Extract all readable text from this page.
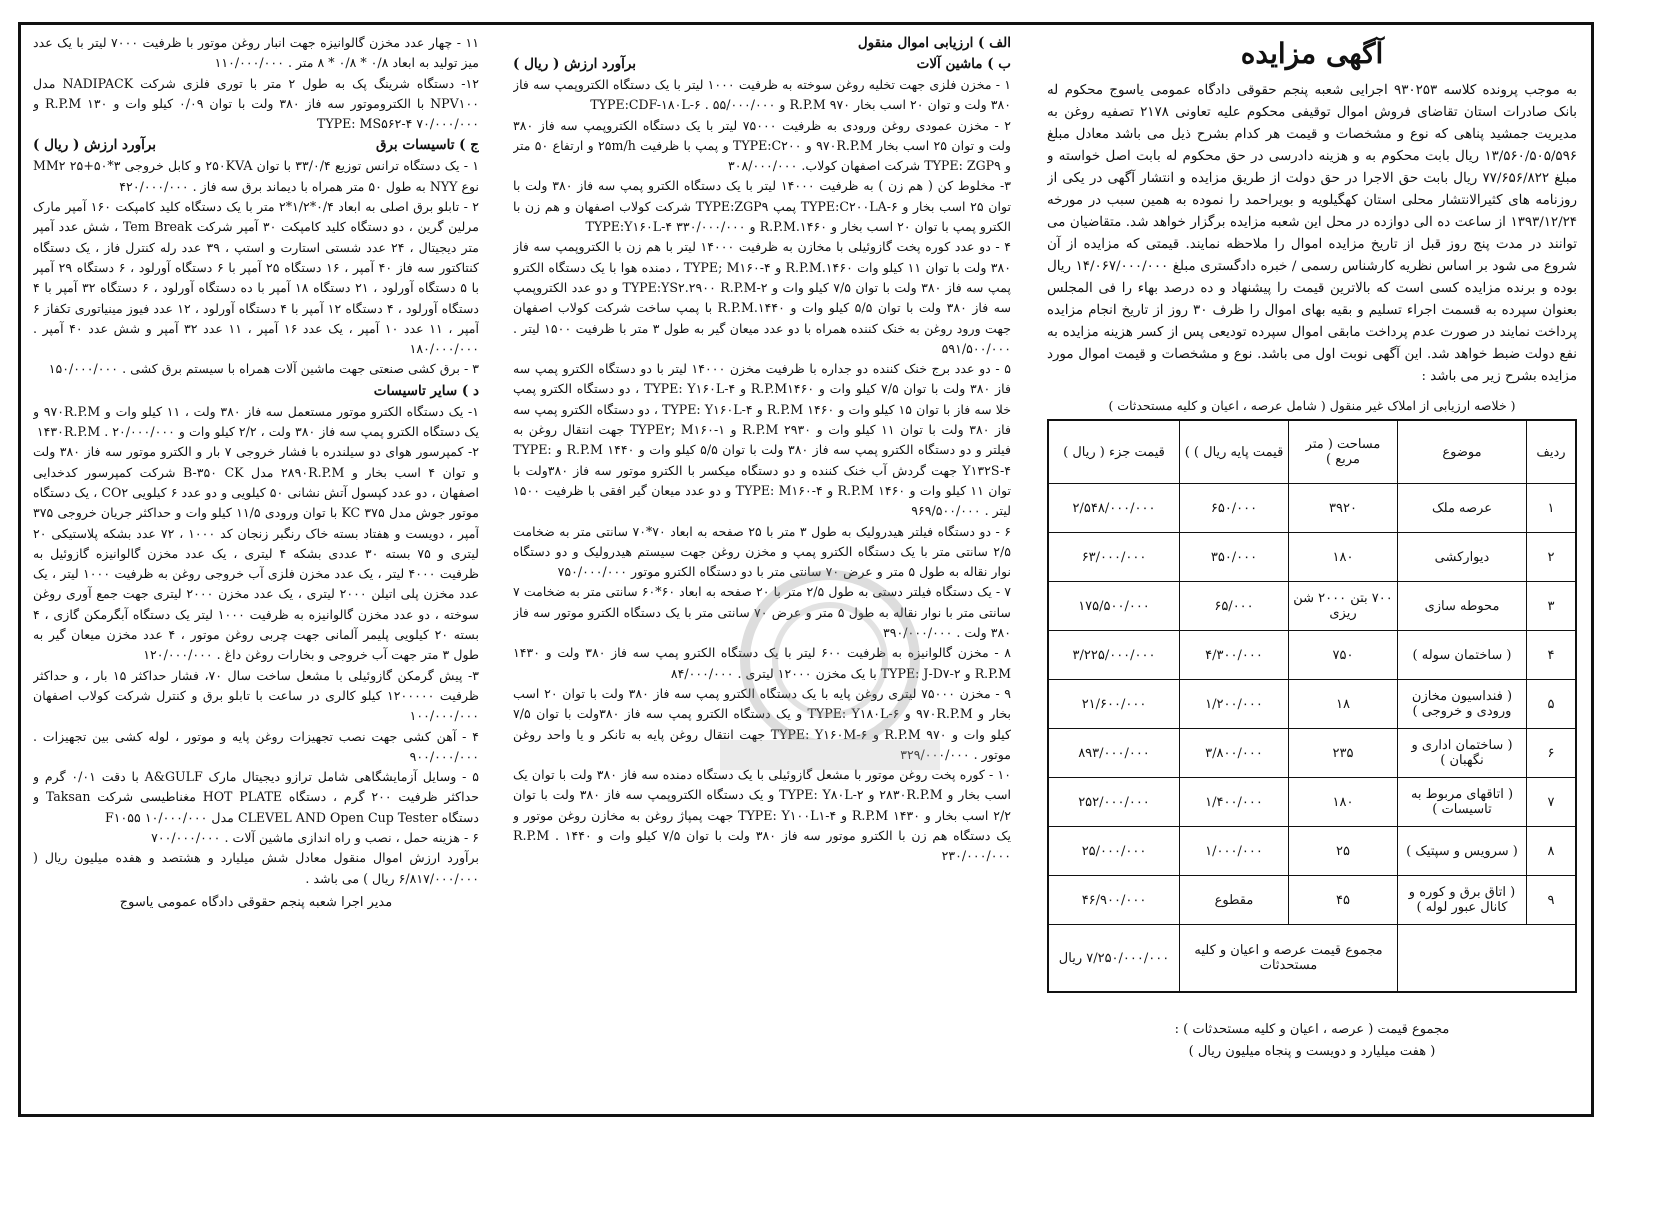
آگهی مزایده
به موجب پرونده کلاسه ۹۳۰۲۵۳ اجرایی شعبه پنجم حقوقی دادگاه عمومی یاسوج محکوم له بانک صادرات استان تقاضای فروش اموال توقیفی محکوم علیه تعاونی ۲۱۷۸ تصفیه روغن به مدیریت جمشید پناهی که نوع و مشخصات و قیمت هر کدام بشرح ذیل می باشد معادل مبلغ ۱۳/۵۶۰/۵۰۵/۵۹۶ ریال بابت محکوم به و هزینه دادرسی در حق محکوم له بابت اصل خواسته و مبلغ ۷۷/۶۵۶/۸۲۲ ریال بابت حق الاجرا در حق دولت از طریق مزایده و انتشار آگهی در یکی از روزنامه های کثیرالانتشار محلی استان کهگیلویه و بویراحمد را نموده به همین سبب در مورخه ۱۳۹۳/۱۲/۲۴ از ساعت ده الی دوازده در محل این شعبه مزایده برگزار خواهد شد. متقاضیان می توانند در مدت پنج روز قبل از تاریخ مزایده اموال را ملاحظه نمایند. قیمتی که مزایده از آن شروع می شود بر اساس نظریه کارشناس رسمی / خبره دادگستری مبلغ ۱۴/۰۶۷/۰۰۰/۰۰۰ ریال بوده و برنده مزایده کسی است که بالاترین قیمت را پیشنهاد و ده درصد بهاء را فی المجلس بعنوان سپرده به قسمت اجراء تسلیم و بقیه بهای اموال را ظرف ۳۰ روز از تاریخ انجام مزایده پرداخت نمایند در صورت عدم پرداخت مابقی اموال سپرده تودیعی پس از کسر هزینه مزایده به نفع دولت ضبط خواهد شد. این آگهی نوبت اول می باشد. نوع و مشخصات و قیمت اموال مورد مزایده بشرح زیر می باشد :
( خلاصه ارزیابی از املاک غیر منقول ( شامل عرصه ، اعیان و کلیه مستحدثات )
ردیف	موضوع	مساحت ( متر مربع )	قیمت پایه ریال ) )	قیمت جزء ( ریال )
۱	عرصه ملک	۳۹۲۰	۶۵۰/۰۰۰	۲/۵۴۸/۰۰۰/۰۰۰
۲	دیوارکشی	۱۸۰	۳۵۰/۰۰۰	۶۳/۰۰۰/۰۰۰
۳	محوطه سازی	۷۰۰ بتن ۲۰۰۰ شن ریزی	۶۵/۰۰۰	۱۷۵/۵۰۰/۰۰۰
۴	( ساختمان سوله )	۷۵۰	۴/۳۰۰/۰۰۰	۳/۲۲۵/۰۰۰/۰۰۰
۵	( فنداسیون مخازن ورودی و خروجی )	۱۸	۱/۲۰۰/۰۰۰	۲۱/۶۰۰/۰۰۰
۶	( ساختمان اداری و نگهبان )	۲۳۵	۳/۸۰۰/۰۰۰	۸۹۳/۰۰۰/۰۰۰
۷	( اتاقهای مربوط به تاسیسات )	۱۸۰	۱/۴۰۰/۰۰۰	۲۵۲/۰۰۰/۰۰۰
۸	( سرویس و سپتیک )	۲۵	۱/۰۰۰/۰۰۰	۲۵/۰۰۰/۰۰۰
۹	( اتاق برق و کوره و کانال عبور لوله )	۴۵	مقطوع	۴۶/۹۰۰/۰۰۰
		مجموع قیمت عرصه و اعیان و کلیه مستحدثات		۷/۲۵۰/۰۰۰/۰۰۰ ریال
مجموع قیمت ( عرصه ، اعیان و کلیه مستحدثات ) :
( هفت میلیارد و دویست و پنجاه میلیون ریال )
الف ) ارزیابی اموال منقول
ب ) ماشین آلات
برآورد ارزش ( ریال )
۱ - مخزن فلزی جهت تخلیه روغن سوخته به ظرفیت ۱۰۰۰ لیتر با یک دستگاه الکتروپمپ سه فاز ۳۸۰ ولت و توان ۲۰ اسب بخار R.P.M ۹۷۰ و TYPE:CDF-۱۸۰L-۶ . ۵۵/۰۰۰/۰۰۰
۲ - مخزن عمودی روغن ورودی به ظرفیت ۷۵۰۰۰ لیتر با یک دستگاه الکتروپمپ سه فاز ۳۸۰ ولت و توان ۲۵ اسب بخار ۹۷۰R.P.M و TYPE:C۲۰۰ و پمپ با ظرفیت ۲۵m/h و ارتفاع ۵۰ متر و TYPE: ZGP۹ شرکت اصفهان کولاب. ۳۰۸/۰۰۰/۰۰۰
۳- مخلوط کن ( هم زن ) به ظرفیت ۱۴۰۰۰ لیتر با یک دستگاه الکترو پمپ سه فاز ۳۸۰ ولت با توان ۲۵ اسب بخار و TYPE:C۲۰۰LA-۶ پمپ TYPE:ZGP۹ شرکت کولاب اصفهان و هم زن با الکترو پمپ با توان ۲۰ اسب بخار و R.P.M.۱۴۶۰ و TYPE:Y۱۶۰L-۴ ۳۳۰/۰۰۰/۰۰۰
۴ - دو عدد کوره پخت گازوئیلی با مخازن به ظرفیت ۱۴۰۰۰ لیتر با هم زن با الکتروپمپ سه فاز ۳۸۰ ولت با توان ۱۱ کیلو وات R.P.M.۱۴۶۰ و TYPE; M۱۶۰-۴ ، دمنده هوا با یک دستگاه الکترو پمپ سه فاز ۳۸۰ ولت با توان ۷/۵ کیلو وات و TYPE:YS۲.۲۹۰۰ R.P.M-۲ و دو عدد الکتروپمپ سه فاز ۳۸۰ ولت با توان ۵/۵ کیلو وات و R.P.M.۱۴۴۰ با پمپ ساخت شرکت کولاب اصفهان جهت ورود روغن به خنک کننده همراه با دو عدد میعان گیر به طول ۳ متر با ظرفیت ۱۵۰۰ لیتر . ۵۹۱/۵۰۰/۰۰۰
۵ - دو عدد برج خنک کننده دو جداره با ظرفیت مخزن ۱۴۰۰۰ لیتر با دو دستگاه الکترو پمپ سه فاز ۳۸۰ ولت با توان ۷/۵ کیلو وات و R.P.M۱۴۶۰ و TYPE: Y۱۶۰L-۴ ، دو دستگاه الکترو پمپ خلا سه فاز با توان ۱۵ کیلو وات و ۱۴۶۰ R.P.M و TYPE: Y۱۶۰L-۴ ، دو دستگاه الکترو پمپ سه فاز ۳۸۰ ولت با توان ۱۱ کیلو وات و ۲۹۳۰ R.P.M و TYPE۲; M۱۶۰-۱ جهت انتقال روغن به فیلتر و دو دستگاه الکترو پمپ سه فاز ۳۸۰ ولت با توان ۵/۵ کیلو وات و ۱۴۴۰ R.P.M و TYPE: Y۱۳۲S-۴ جهت گردش آب خنک کننده و دو دستگاه میکسر با الکترو موتور سه فاز ۳۸۰ولت با توان ۱۱ کیلو وات و ۱۴۶۰ R.P.M و TYPE: M۱۶۰-۴ و دو عدد میعان گیر افقی با ظرفیت ۱۵۰۰ لیتر . ۹۶۹/۵۰۰/۰۰۰
۶ - دو دستگاه فیلتر هیدرولیک به طول ۳ متر با ۲۵ صفحه به ابعاد ۷۰*۷۰ سانتی متر به ضخامت ۲/۵ سانتی متر با یک دستگاه الکترو پمپ و مخزن روغن جهت سیستم هیدرولیک و دو دستگاه نوار نقاله به طول ۵ متر و عرض ۷۰ سانتی متر با دو دستگاه الکترو موتور ۷۵۰/۰۰۰/۰۰۰
۷ - یک دستگاه فیلتر دستی به طول ۲/۵ متر با ۲۰ صفحه به ابعاد ۶۰*۶۰ سانتی متر به ضخامت ۷ سانتی متر با نوار نقاله به طول ۵ متر و عرض ۷۰ سانتی متر با یک دستگاه الکترو موتور سه فاز ۳۸۰ ولت . ۳۹۰/۰۰۰/۰۰۰
۸ - مخزن گالوانیزه به ظرفیت ۶۰۰ لیتر با یک دستگاه الکترو پمپ سه فاز ۳۸۰ ولت و ۱۴۳۰ R.P.M و TYPE: J-D۷-۲ با یک مخزن ۱۲۰۰۰ لیتری . ۸۴/۰۰۰/۰۰۰
۹ - مخزن ۷۵۰۰۰ لیتری روغن پایه با یک دستگاه الکترو پمپ سه فاز ۳۸۰ ولت با توان ۲۰ اسب بخار و ۹۷۰R.P.M و TYPE: Y۱۸۰L-۶ و یک دستگاه الکترو پمپ سه فاز ۳۸۰ولت با توان ۷/۵ کیلو وات و ۹۷۰ R.P.M و TYPE: Y۱۶۰M-۶ جهت انتقال روغن پایه به تانکر و یا واحد روغن موتور . ۳۲۹/۰۰۰/۰۰۰
۱۰ - کوره پخت روغن موتور با مشعل گازوئیلی با یک دستگاه دمنده سه فاز ۳۸۰ ولت با توان یک اسب بخار و ۲۸۳۰R.P.M و TYPE: Y۸۰L-۲ و یک دستگاه الکتروپمپ سه فاز ۳۸۰ ولت با توان ۲/۲ اسب بخار و ۱۴۳۰ R.P.M و TYPE: Y۱۰۰L۱-۴ جهت پمپاژ روغن به مخازن روغن موتور و یک دستگاه هم زن با الکترو موتور سه فاز ۳۸۰ ولت با توان ۷/۵ کیلو وات و ۱۴۴۰ R.P.M . ۲۳۰/۰۰۰/۰۰۰
۱۱ - چهار عدد مخزن گالوانیزه جهت انبار روغن موتور با ظرفیت ۷۰۰۰ لیتر با یک عدد میز تولید به ابعاد ۰/۸ * ۰/۸ * ۸ متر . ۱۱۰/۰۰۰/۰۰۰
۱۲- دستگاه شرینگ پک به طول ۲ متر با توری فلزی شرکت NADIPACK مدل NPV۱۰۰ با الکتروموتور سه فاز ۳۸۰ ولت با توان ۰/۰۹ کیلو وات و ۱۳۰ R.P.M و TYPE: MS۵۶۲-۴ ۷۰/۰۰۰/۰۰۰
ج ) تاسیسات برق
برآورد ارزش ( ریال )
۱ - یک دستگاه ترانس توزیع ۳۳/۰/۴ با توان ۲۵۰KVA و کابل خروجی ۳*۵۰+۲۵ MM۲ نوع NYY به طول ۵۰ متر همراه با دیماند برق سه فاز . ۴۲۰/۰۰۰/۰۰۰
۲ - تابلو برق اصلی به ابعاد ۰/۴*۱/۲*۲ متر با یک دستگاه کلید کامپکت ۱۶۰ آمپر مارک مرلین گرین ، دو دستگاه کلید کامپکت ۳۰ آمپر شرکت Tem Break ، شش عدد آمپر متر دیجیتال ، ۲۴ عدد شستی استارت و استپ ، ۳۹ عدد رله کنترل فاز ، یک دستگاه کنتاکتور سه فاز ۴۰ آمپر ، ۱۶ دستگاه ۲۵ آمپر با ۶ دستگاه آورلود ، ۶ دستگاه ۲۹ آمپر با ۵ دستگاه آورلود ، ۲۱ دستگاه ۱۸ آمپر با ده دستگاه آورلود ، ۶ دستگاه ۳۲ آمپر با ۴ دستگاه آورلود ، ۴ دستگاه ۱۲ آمپر با ۴ دستگاه آورلود ، ۱۲ عدد فیوز مینیاتوری تکفاز ۶ آمپر ، ۱۱ عدد ۱۰ آمپر ، یک عدد ۱۶ آمپر ، ۱۱ عدد ۳۲ آمپر و شش عدد ۴۰ آمپر . ۱۸۰/۰۰۰/۰۰۰
۳ - برق کشی صنعتی جهت ماشین آلات همراه با سیستم برق کشی . ۱۵۰/۰۰۰/۰۰۰
د ) سایر تاسیسات
۱- یک دستگاه الکترو موتور مستعمل سه فاز ۳۸۰ ولت ، ۱۱ کیلو وات و ۹۷۰R.P.M و یک دستگاه الکترو پمپ سه فاز ۳۸۰ ولت ، ۲/۲ کیلو وات و ۱۴۳۰R.P.M . ۲۰/۰۰۰/۰۰۰
۲- کمپرسور هوای دو سیلندره با فشار خروجی ۷ بار و الکترو موتور سه فاز ۳۸۰ ولت و توان ۴ اسب بخار و ۲۸۹۰R.P.M مدل B-۳۵۰ CK شرکت کمپرسور کدخدایی اصفهان ، دو عدد کپسول آتش نشانی ۵۰ کیلویی و دو عدد ۶ کیلویی CO۲ ، یک دستگاه موتور جوش مدل ۳۷۵ KC با توان ورودی ۱۱/۵ کیلو وات و حداکثر جریان خروجی ۳۷۵ آمپر ، دویست و هفتاد بسته خاک رنگبر زنجان کد ۱۰۰۰ ، ۷۲ عدد بشکه پلاستیکی ۲۰ لیتری و ۷۵ بسته ۳۰ عددی بشکه ۴ لیتری ، یک عدد مخزن گالوانیزه گازوئیل به ظرفیت ۴۰۰۰ لیتر ، یک عدد مخزن فلزی آب خروجی روغن به ظرفیت ۱۰۰۰ لیتر ، یک عدد مخزن پلی اتیلن ۲۰۰۰ لیتری ، یک عدد مخزن ۲۰۰۰ لیتری جهت جمع آوری روغن سوخته ، دو عدد مخزن گالوانیزه به ظرفیت ۱۰۰۰ لیتر یک دستگاه آبگرمکن گازی ، ۴ بسته ۲۰ کیلویی پلیمر آلمانی جهت چربی روغن موتور ، ۴ عدد مخزن میعان گیر به طول ۳ متر جهت آب خروجی و بخارات روغن داغ . ۱۲۰/۰۰۰/۰۰۰
۳- پیش گرمکن گازوئیلی با مشعل ساخت سال ۷۰، فشار حداکثر ۱۵ بار ، و حداکثر ظرفیت ۱۲۰۰۰۰۰ کیلو کالری در ساعت با تابلو برق و کنترل شرکت کولاب اصفهان ۱۰۰/۰۰۰/۰۰۰
۴ - آهن کشی جهت نصب تجهیزات روغن پایه و موتور ، لوله کشی بین تجهیزات . ۹۰۰/۰۰۰/۰۰۰
۵ - وسایل آزمایشگاهی شامل ترازو دیجیتال مارک A&GULF با دقت ۰/۰۱ گرم و حداکثر ظرفیت ۲۰۰ گرم ، دستگاه HOT PLATE مغناطیسی شرکت Taksan و دستگاه CLEVEL AND Open Cup Tester مدل F۱۰۵۵ ۱۰/۰۰۰/۰۰۰
۶ - هزینه حمل ، نصب و راه اندازی ماشین آلات . ۷۰۰/۰۰۰/۰۰۰
برآورد ارزش اموال منقول معادل شش میلیارد و هشتصد و هفده میلیون ریال ( ۶/۸۱۷/۰۰۰/۰۰۰ ریال ) می باشد .
مدیر اجرا شعبه پنجم حقوقی دادگاه عمومی یاسوج
